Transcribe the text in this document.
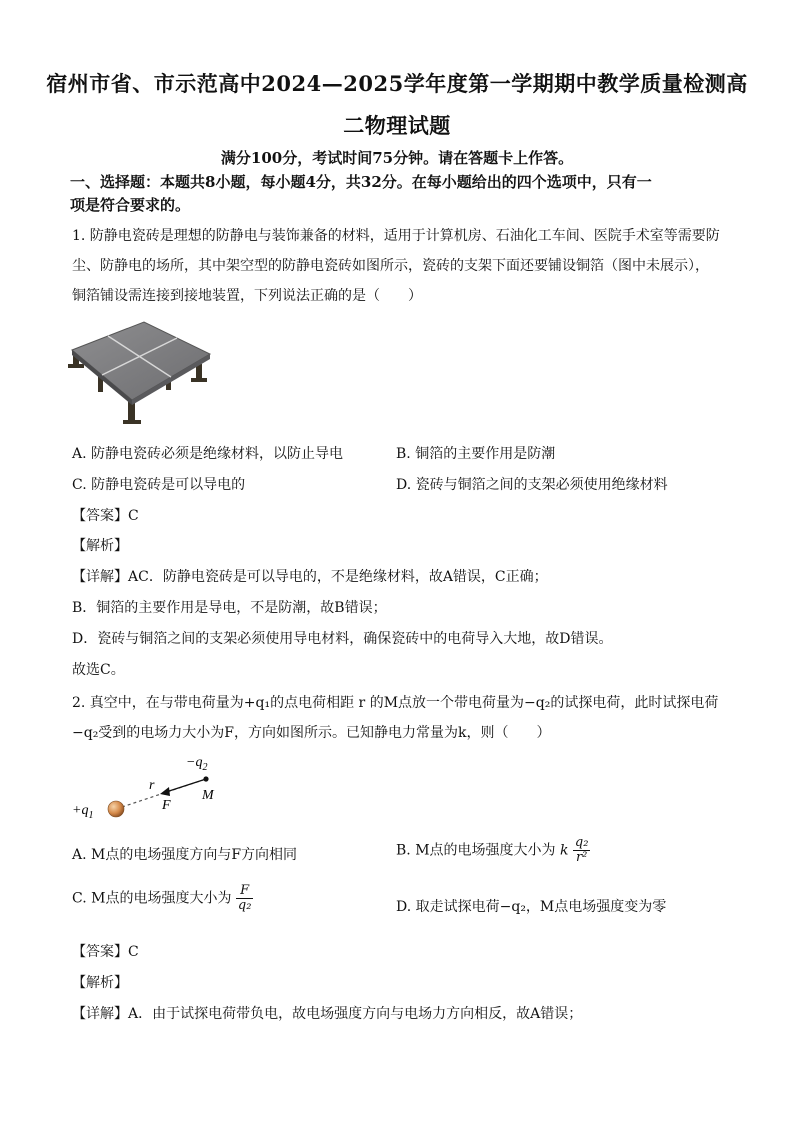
宿州市省、市示范高中2024—2025学年度第一学期期中教学质量检测高
二物理试题
满分100分，考试时间75分钟。请在答题卡上作答。
一、选择题：本题共8小题，每小题4分，共32分。在每小题给出的四个选项中，只有一
项是符合要求的。
1. 防静电瓷砖是理想的防静电与装饰兼备的材料，适用于计算机房、石油化工车间、医院手术室等需要防
尘、防静电的场所，其中架空型的防静电瓷砖如图所示，瓷砖的支架下面还要铺设铜箔（图中未展示），
铜箔铺设需连接到接地装置，下列说法正确的是（　　）
A. 防静电瓷砖必须是绝缘材料，以防止导电	B. 铜箔的主要作用是防潮
C. 防静电瓷砖是可以导电的	D. 瓷砖与铜箔之间的支架必须使用绝缘材料
【答案】C
【解析】
【详解】AC．防静电瓷砖是可以导电的，不是绝缘材料，故A错误，C正确；
B．铜箔的主要作用是导电，不是防潮，故B错误；
D．瓷砖与铜箔之间的支架必须使用导电材料，确保瓷砖中的电荷导入大地，故D错误。
故选C。
2. 真空中，在与带电荷量为+q₁的点电荷相距 r 的M点放一个带电荷量为−q₂的试探电荷，此时试探电荷
−q₂受到的电场力大小为F，方向如图所示。已知静电力常量为k，则（　　）
$-q_2$
r
F
M
$+q_1$
A. M点的电场强度方向与F方向相同	B. M点的电场强度大小为 k $\frac{\text{q₂}}{\text{r²}}$
C. M点的电场强度大小为 $\frac{F}{\text{q₂}}$	D. 取走试探电荷−q₂，M点电场强度变为零
【答案】C
【解析】
【详解】A．由于试探电荷带负电，故电场强度方向与电场力方向相反，故A错误；
